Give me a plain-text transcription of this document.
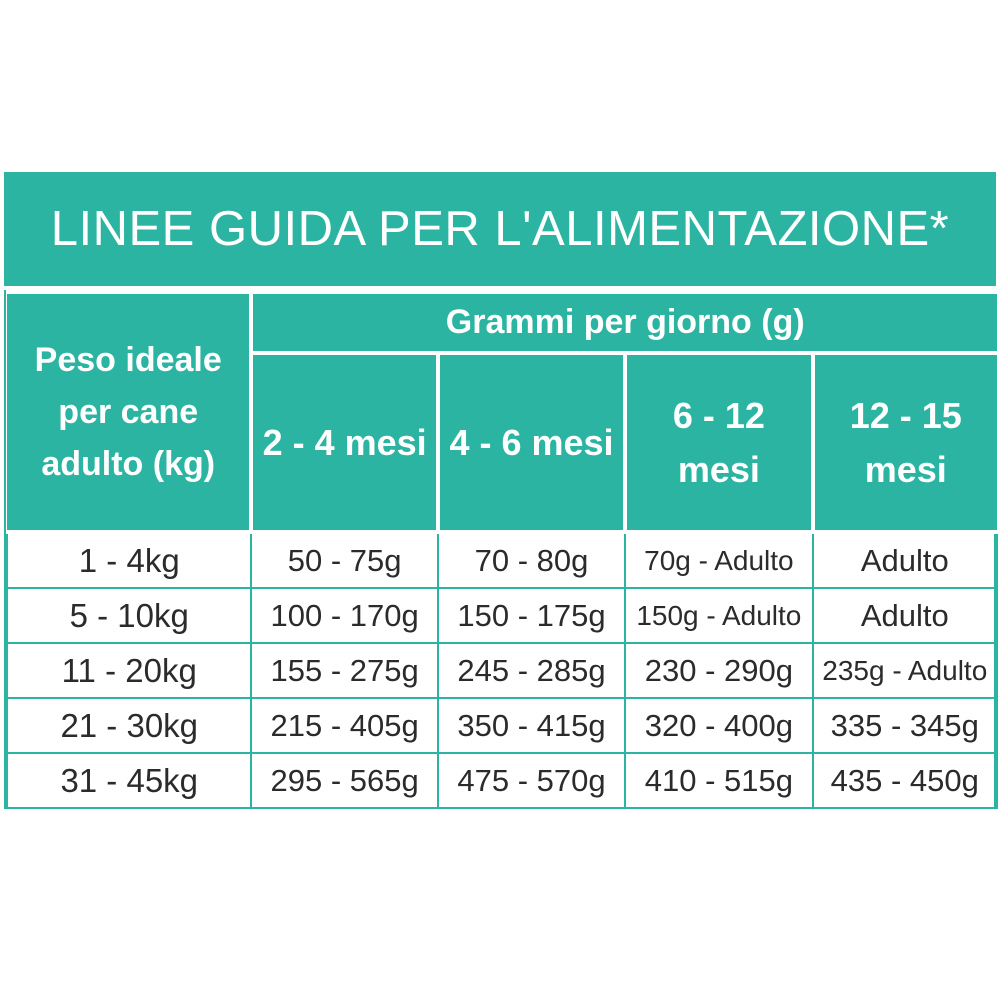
LINEE GUIDA PER L'ALIMENTAZIONE*
Peso ideale per cane adulto (kg)	Grammi per giorno (g)			
	2 - 4 mesi	4 - 6 mesi	6 - 12 mesi	12 - 15 mesi
1 - 4kg	50 - 75g	70 - 80g	70g - Adulto	Adulto
5 - 10kg	100 - 170g	150 - 175g	150g - Adulto	Adulto
11 - 20kg	155 - 275g	245 - 285g	230 - 290g	235g - Adulto
21 - 30kg	215 - 405g	350 - 415g	320 - 400g	335 - 345g
31 - 45kg	295 - 565g	475 - 570g	410 - 515g	435 - 450g
